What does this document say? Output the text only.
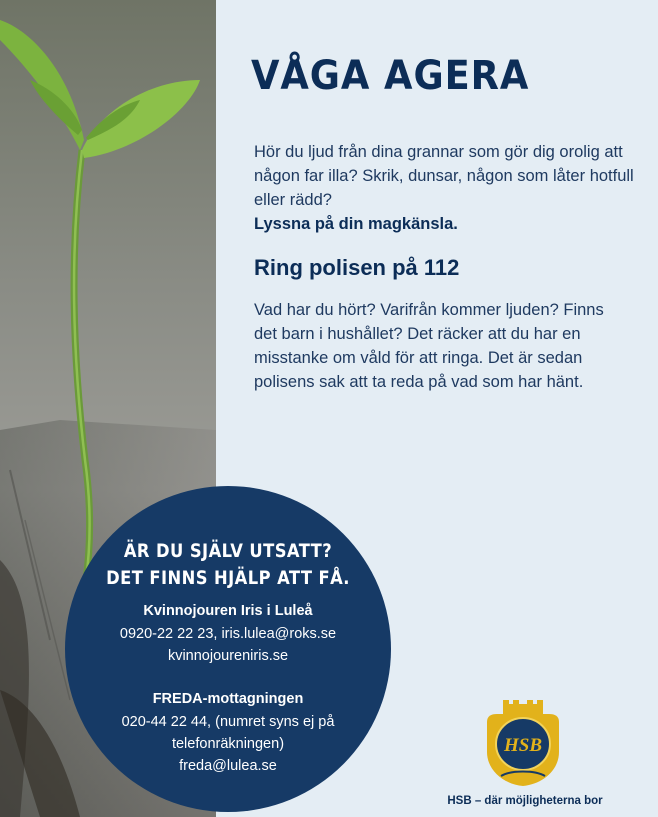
VÅGA AGERA

Hör du ljud från dina grannar som gör dig orolig att någon far illa? Skrik, dunsar, någon som låter hotfull eller rädd?
Lyssna på din magkänsla.

Ring polisen på 112

Vad har du hört? Varifrån kommer ljuden? Finns det barn i hushållet? Det räcker att du har en misstanke om våld för att ringa. Det är sedan polisens sak att ta reda på vad som har hänt.

ÄR DU SJÄLV UTSATT?
DET FINNS HJÄLP ATT FÅ.
Kvinnojouren Iris i Luleå
0920-22 22 23, iris.lulea@roks.se
kvinnojoureniris.se
FREDA-mottagningen
020-44 22 44, (numret syns ej på
telefonräkningen)
freda@lulea.se
HSB
HSB – där möjligheterna bor
